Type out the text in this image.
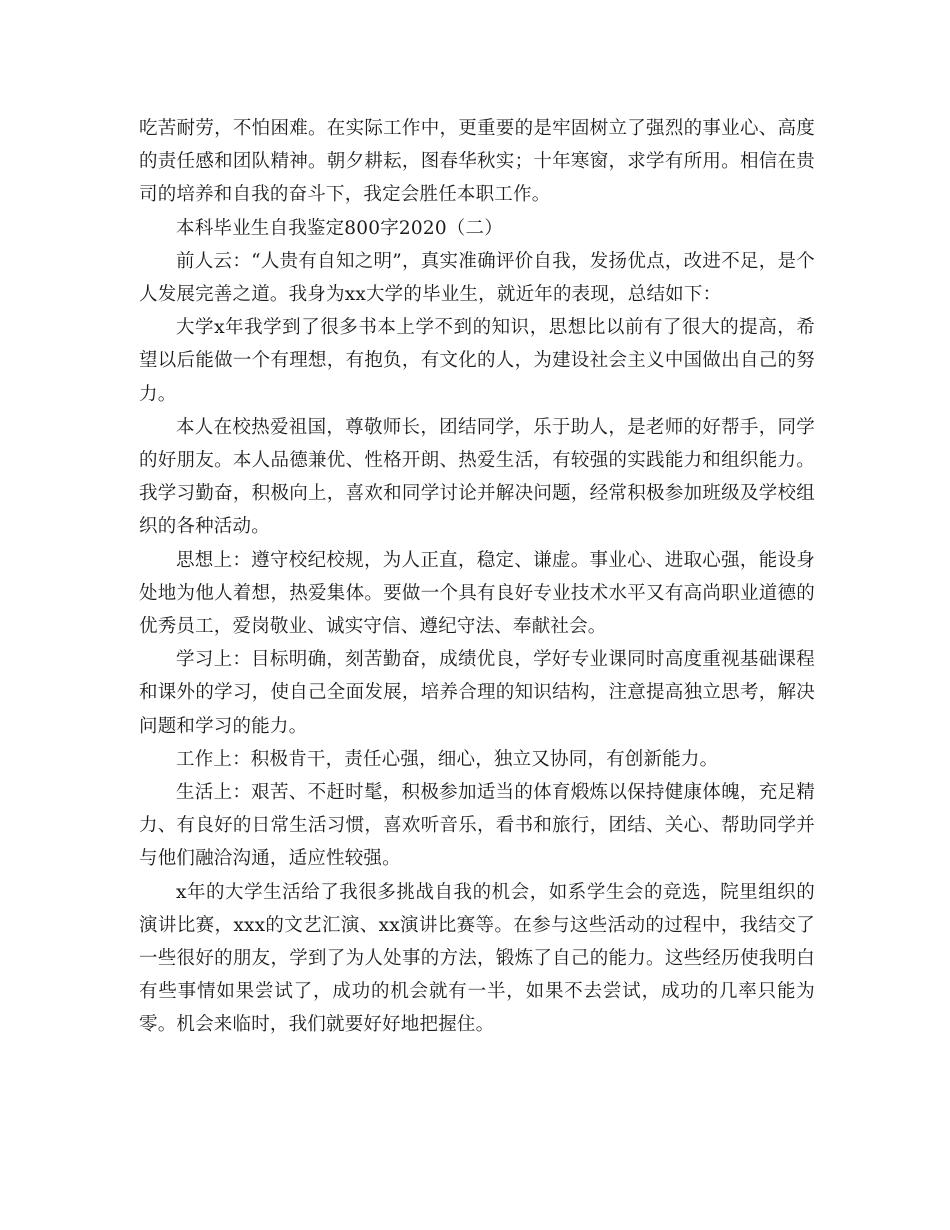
吃苦耐劳，不怕困难。在实际工作中，更重要的是牢固树立了强烈的事业心、高度的责任感和团队精神。朝夕耕耘，图春华秋实；十年寒窗，求学有所用。相信在贵司的培养和自我的奋斗下，我定会胜任本职工作。

本科毕业生自我鉴定800字2020（二）

前人云：“人贵有自知之明”，真实准确评价自我，发扬优点，改进不足，是个人发展完善之道。我身为xx大学的毕业生，就近年的表现，总结如下：

大学x年我学到了很多书本上学不到的知识，思想比以前有了很大的提高，希望以后能做一个有理想，有抱负，有文化的人，为建设社会主义中国做出自己的努力。

本人在校热爱祖国，尊敬师长，团结同学，乐于助人，是老师的好帮手，同学的好朋友。本人品德兼优、性格开朗、热爱生活，有较强的实践能力和组织能力。我学习勤奋，积极向上，喜欢和同学讨论并解决问题，经常积极参加班级及学校组织的各种活动。

思想上：遵守校纪校规，为人正直，稳定、谦虚。事业心、进取心强，能设身处地为他人着想，热爱集体。要做一个具有良好专业技术水平又有高尚职业道德的优秀员工，爱岗敬业、诚实守信、遵纪守法、奉献社会。

学习上：目标明确，刻苦勤奋，成绩优良，学好专业课同时高度重视基础课程和课外的学习，使自己全面发展，培养合理的知识结构，注意提高独立思考，解决问题和学习的能力。

工作上：积极肯干，责任心强，细心，独立又协同，有创新能力。

生活上：艰苦、不赶时髦，积极参加适当的体育煅炼以保持健康体魄，充足精力、有良好的日常生活习惯，喜欢听音乐，看书和旅行，团结、关心、帮助同学并与他们融洽沟通，适应性较强。

x年的大学生活给了我很多挑战自我的机会，如系学生会的竞选，院里组织的演讲比赛，xxx的文艺汇演、xx演讲比赛等。在参与这些活动的过程中，我结交了一些很好的朋友，学到了为人处事的方法，锻炼了自己的能力。这些经历使我明白有些事情如果尝试了，成功的机会就有一半，如果不去尝试，成功的几率只能为零。机会来临时，我们就要好好地把握住。
